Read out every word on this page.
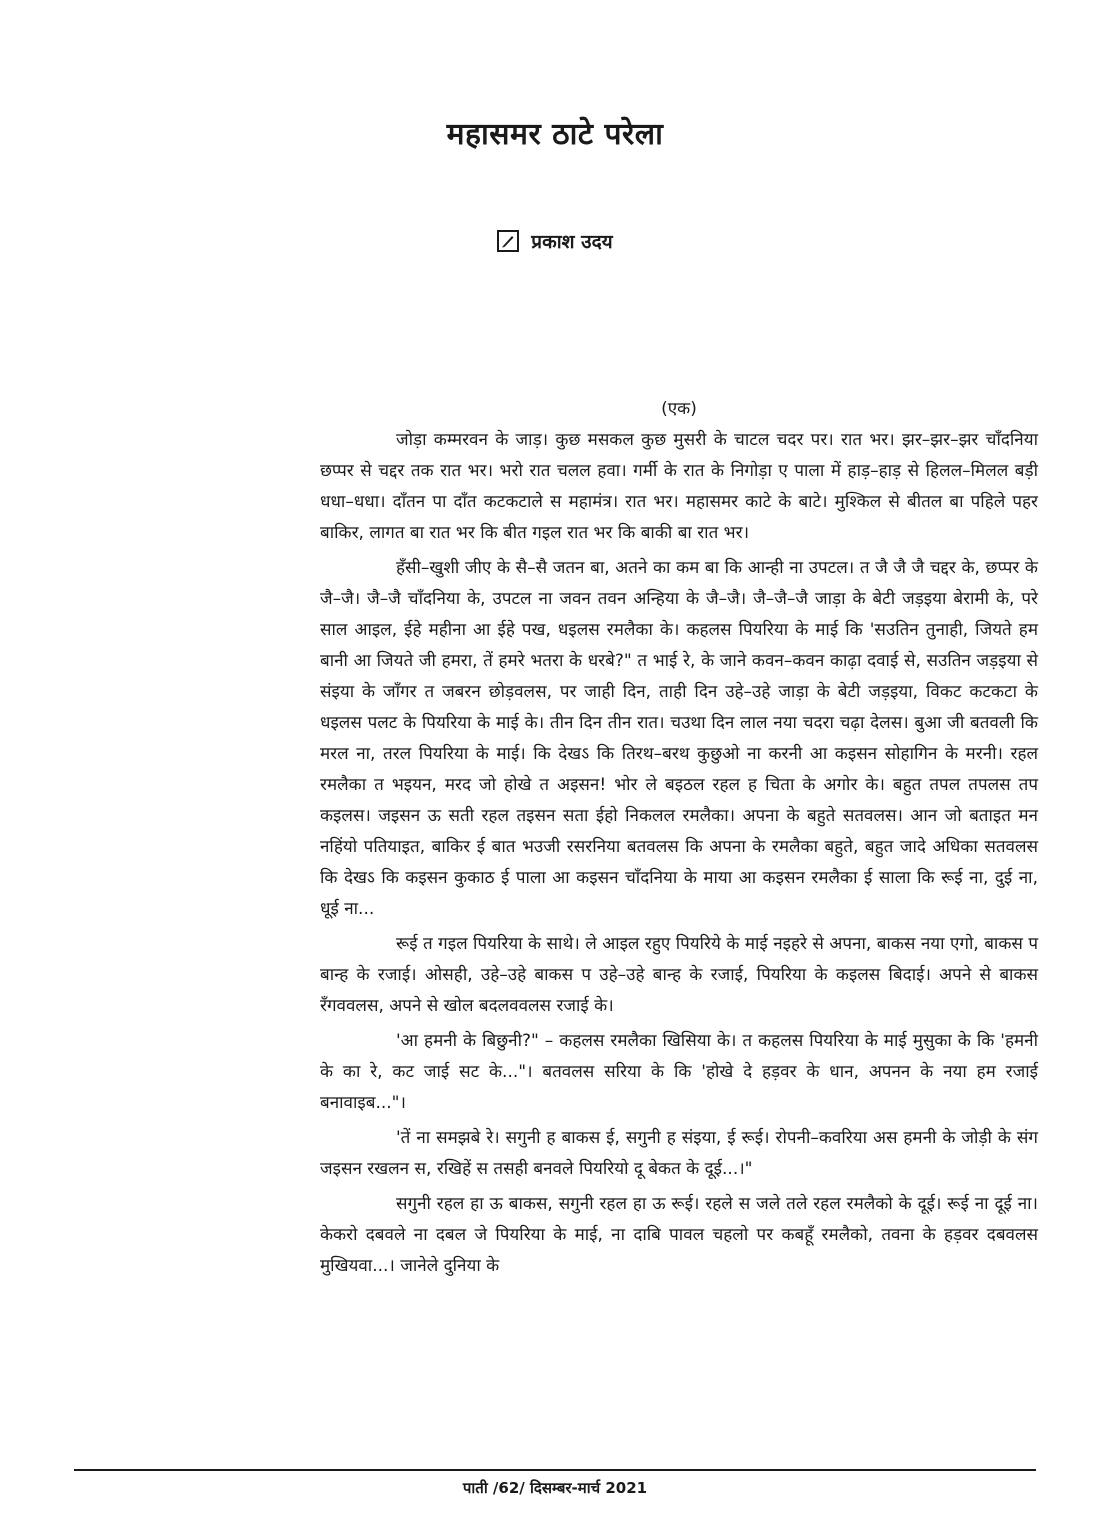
महासमर ठाटे परेला
प्रकाश उदय
(एक)

जोड़ा कम्मरवन के जाड़। कुछ मसकल कुछ मुसरी के चाटल चदर पर। रात भर। झर–झर–झर चाँदनिया छप्पर से चद्दर तक रात भर। भरो रात चलल हवा। गर्मी के रात के निगोड़ा ए पाला में हाड़–हाड़ से हिलल–मिलल बड़ी धधा–धधा। दाँतन पा दाँत कटकटाले स महामंत्र। रात भर। महासमर काटे के बाटे। मुश्किल से बीतल बा पहिले पहर बाकिर, लागत बा रात भर कि बीत गइल रात भर कि बाकी बा रात भर।

हँसी–खुशी जीए के सै–सै जतन बा, अतने का कम बा कि आन्ही ना उपटल। त जै जै जै चद्दर के, छप्पर के जै–जै। जै–जै चाँदनिया के, उपटल ना जवन तवन अन्हिया के जै–जै। जै–जै–जै जाड़ा के बेटी जड़इया बेरामी के, परे साल आइल, ईहे महीना आ ईहे पख, धइलस रमलैका के। कहलस पियरिया के माई कि 'सउतिन तुनाही, जियते हम बानी आ जियते जी हमरा, तें हमरे भतरा के धरबे?" त भाई रे, के जाने कवन–कवन काढ़ा दवाई से, सउतिन जड़इया से संइया के जाँगर त जबरन छोड़वलस, पर जाही दिन, ताही दिन उहे–उहे जाड़ा के बेटी जड़इया, विकट कटकटा के धइलस पलट के पियरिया के माई के। तीन दिन तीन रात। चउथा दिन लाल नया चदरा चढ़ा देलस। बुआ जी बतवली कि मरल ना, तरल पियरिया के माई। कि देखऽ कि तिरथ–बरथ कुछुओ ना करनी आ कइसन सोहागिन के मरनी। रहल रमलैका त भइयन, मरद जो होखे त अइसन! भोर ले बइठल रहल ह चिता के अगोर के। बहुत तपल तपलस तप कइलस। जइसन ऊ सती रहल तइसन सता ईहो निकलल रमलैका। अपना के बहुते सतवलस। आन जो बताइत मन नहिंयो पतियाइत, बाकिर ई बात भउजी रसरनिया बतवलस कि अपना के रमलैका बहुते, बहुत जादे अधिका सतवलस कि देखऽ कि कइसन कुकाठ ई पाला आ कइसन चाँदनिया के माया आ कइसन रमलैका ई साला कि रूई ना, दुई ना, धूई ना...

रूई त गइल पियरिया के साथे। ले आइल रहुए पियरिये के माई नइहरे से अपना, बाकस नया एगो, बाकस प बान्ह के रजाई। ओसही, उहे–उहे बाकस प उहे–उहे बान्ह के रजाई, पियरिया के कइलस बिदाई। अपने से बाकस रँगववलस, अपने से खोल बदलववलस रजाई के।

'आ हमनी के बिछुनी?" – कहलस रमलैका खिसिया के। त कहलस पियरिया के माई मुसुका के कि 'हमनी के का रे, कट जाई सट के..."। बतवलस सरिया के कि 'होखे दे हड़वर के धान, अपनन के नया हम रजाई बनावाइब..."।

'तें ना समझबे रे। सगुनी ह बाकस ई, सगुनी ह संइया, ई रूई। रोपनी–कवरिया अस हमनी के जोड़ी के संग जइसन रखलन स, रखिहें स तसही बनवले पियरियो दू बेकत के दूई...।"

सगुनी रहल हा ऊ बाकस, सगुनी रहल हा ऊ रूई। रहले स जले तले रहल रमलैको के दूई। रूई ना दूई ना। केकरो दबवले ना दबल जे पियरिया के माई, ना दाबि पावल चहलो पर कबहूँ रमलैको, तवना के हड़वर दबवलस मुखियवा...। जानेले दुनिया के

पाती /62/ दिसम्बर-मार्च 2021
